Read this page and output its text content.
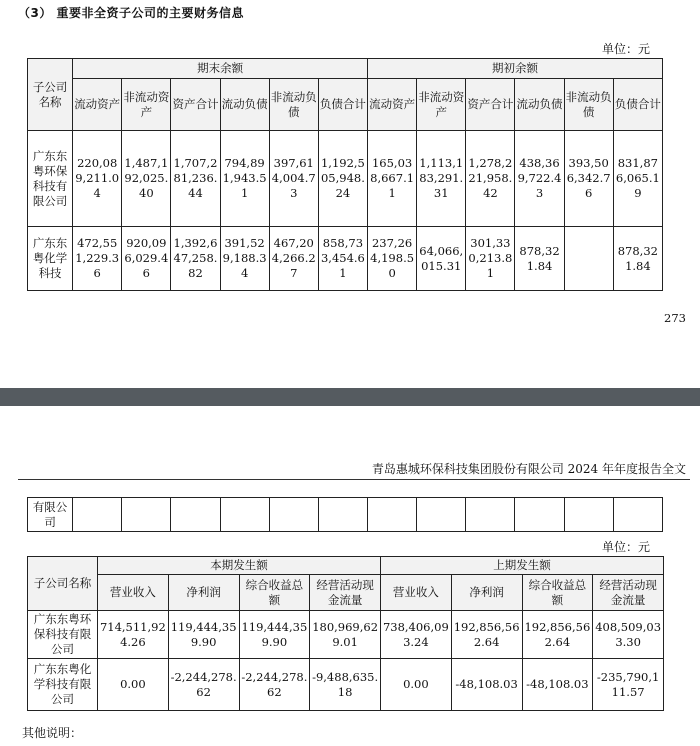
（3） 重要非全资子公司的主要财务信息
单位：元
子公司名称	期末余额						期初余额					
	流动资产	非流动资产	资产合计	流动负债	非流动负债	负债合计	流动资产	非流动资产	资产合计	流动负债	非流动负债	负债合计
广东东粤环保科技有限公司	220,089,211.04	1,487,192,025.40	1,707,281,236.44	794,891,943.51	397,614,004.73	1,192,505,948.24	165,038,667.11	1,113,183,291.31	1,278,221,958.42	438,369,722.43	393,506,342.76	831,876,065.19
广东东粤化学科技	472,551,229.36	920,096,029.46	1,392,647,258.82	391,529,188.34	467,204,266.27	858,733,454.61	237,264,198.50	64,066,015.31	301,330,213.81	878,321.84		878,321.84
273
青岛惠城环保科技集团股份有限公司 2024 年年度报告全文
有限公司												
单位：元
子公司名称	本期发生额				上期发生额			
	营业收入	净利润	综合收益总额	经营活动现金流量	营业收入	净利润	综合收益总额	经营活动现金流量
广东东粤环保科技有限公司	714,511,924.26	119,444,359.90	119,444,359.90	180,969,629.01	738,406,093.24	192,856,562.64	192,856,562.64	408,509,033.30
广东东粤化学科技有限公司	0.00	-2,244,278.62	-2,244,278.62	-9,488,635.18	0.00	-48,108.03	-48,108.03	-235,790,111.57
其他说明：
